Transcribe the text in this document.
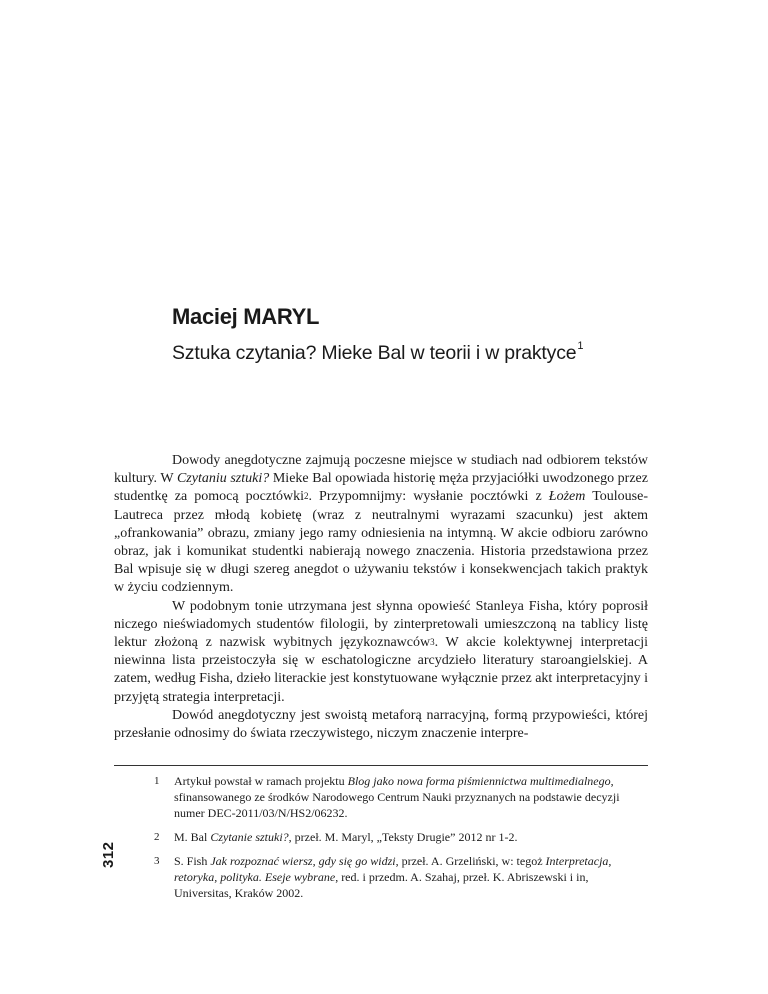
Maciej MARYL
Sztuka czytania? Mieke Bal w teorii i w praktyce$^1$

Dowody anegdotyczne zajmują poczesne miejsce w studiach nad odbiorem tekstów kultury. W Czytaniu sztuki? Mieke Bal opowiada historię męża przyjaciółki uwodzonego przez studentkę za pomocą pocztówki$^2$. Przypomnijmy: wysłanie pocztówki z Łożem Toulouse-Lautreca przez młodą kobietę (wraz z neutralnymi wyrazami szacunku) jest aktem „ofrankowania” obrazu, zmiany jego ramy odniesienia na intymną. W akcie odbioru zarówno obraz, jak i komunikat studentki nabierają nowego znaczenia. Historia przedstawiona przez Bal wpisuje się w długi szereg anegdot o używaniu tekstów i konsekwencjach takich praktyk w życiu codziennym.

W podobnym tonie utrzymana jest słynna opowieść Stanleya Fisha, który poprosił niczego nieświadomych studentów filologii, by zinterpretowali umieszczoną na tablicy listę lektur złożoną z nazwisk wybitnych językoznawców$^3$. W akcie kolektywnej interpretacji niewinna lista przeistoczyła się w eschatologiczne arcydzieło literatury staroangielskiej. A zatem, według Fisha, dzieło literackie jest konstytuowane wyłącznie przez akt interpretacyjny i przyjętą strategia interpretacji.

Dowód anegdotyczny jest swoistą metaforą narracyjną, formą przypowieści, której przesłanie odnosimy do świata rzeczywistego, niczym znaczenie interpre-

1 Artykuł powstał w ramach projektu Blog jako nowa forma piśmiennictwa multimedialnego, sfinansowanego ze środków Narodowego Centrum Nauki przyznanych na podstawie decyzji numer DEC-2011/03/N/HS2/06232.
2 M. Bal Czytanie sztuki?, przeł. M. Maryl, „Teksty Drugie” 2012 nr 1-2.
3 S. Fish Jak rozpoznać wiersz, gdy się go widzi, przeł. A. Grzeliński, w: tegoż Interpretacja, retoryka, polityka. Eseje wybrane, red. i przedm. A. Szahaj, przeł. K. Abriszewski i in, Universitas, Kraków 2002.
312
